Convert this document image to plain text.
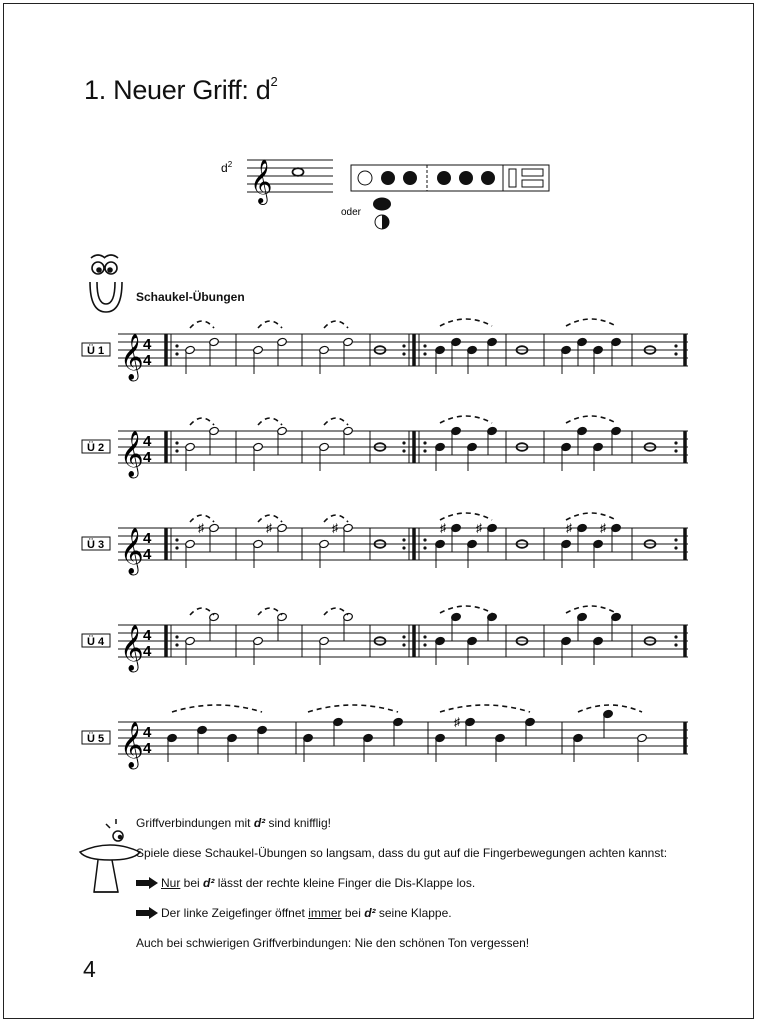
1. Neuer Griff: $d^2$
$d^2$ 𝄞
oder
Ü 1 𝄞 4
4
Ü 2 𝄞 4
4
Ü 3 𝄞 4
4
♯	♯	♯	♯	♯	♯ ♯
Ü 4 𝄞 4
4
Ü 5 𝄞 4
4
♯
Schaukel-Übungen

Griffverbindungen mit d² sind knifflig!

Spiele diese Schaukel-Übungen so langsam, dass du gut auf die Fingerbewegungen achten kannst:

Nur bei d² lässt der rechte kleine Finger die Dis-Klappe los.

Der linke Zeigefinger öffnet immer bei d² seine Klappe.

Auch bei schwierigen Griffverbindungen: Nie den schönen Ton vergessen!

4
